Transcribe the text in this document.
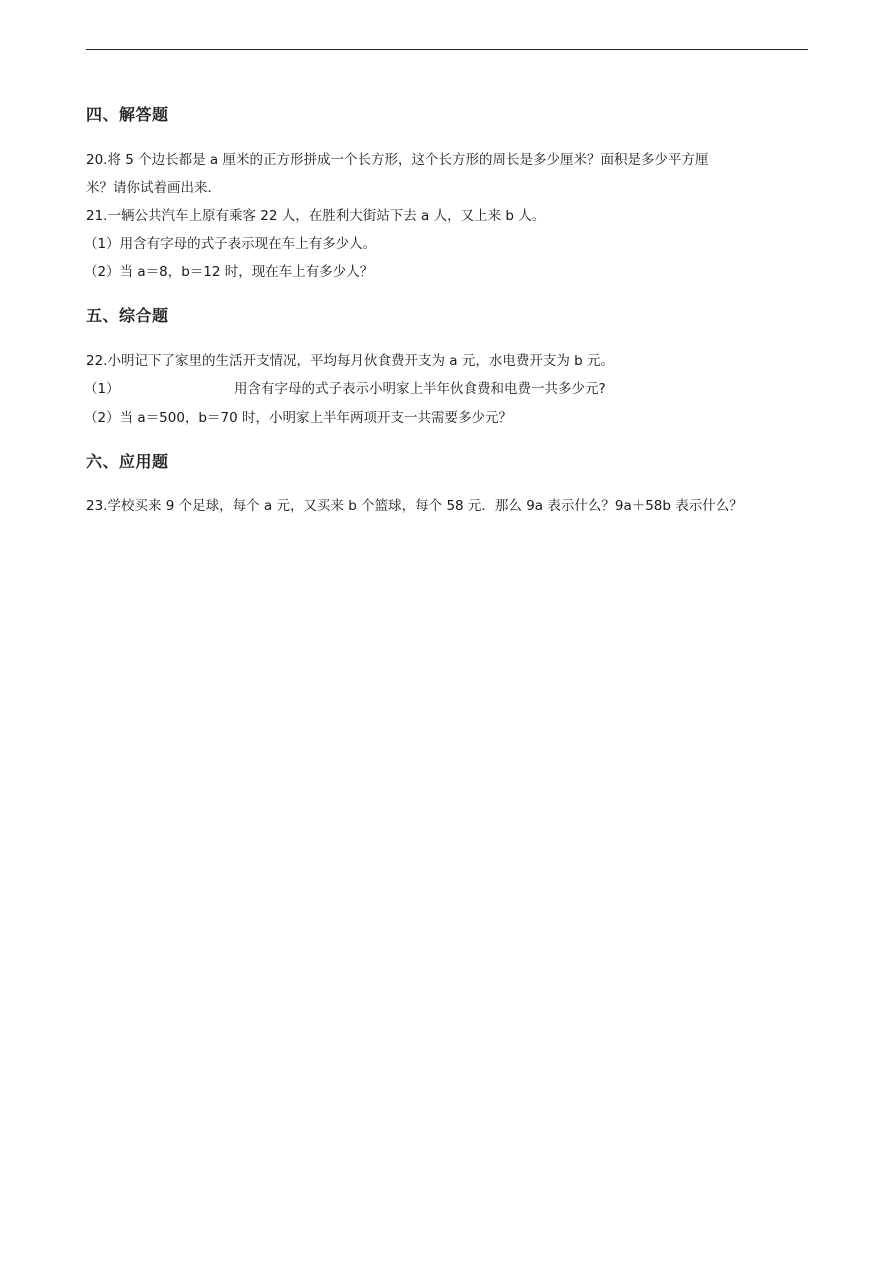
四、解答题
20.将 5 个边长都是 a 厘米的正方形拼成一个长方形，这个长方形的周长是多少厘米？面积是多少平方厘
米？请你试着画出来．
21.一辆公共汽车上原有乘客 22 人，在胜利大街站下去 a 人，又上来 b 人。
（1）用含有字母的式子表示现在车上有多少人。
（2）当 a＝8，b＝12 时，现在车上有多少人？
五、综合题
22.小明记下了家里的生活开支情况，平均每月伙食费开支为 a 元，水电费开支为 b 元。
（1）	用含有字母的式子表示小明家上半年伙食费和电费一共多少元?
（2）当 a＝500，b＝70 时，小明家上半年两项开支一共需要多少元？
六、应用题
23.学校买来 9 个足球，每个 a 元，又买来 b 个篮球，每个 58 元．那么 9a 表示什么？9a＋58b 表示什么？
